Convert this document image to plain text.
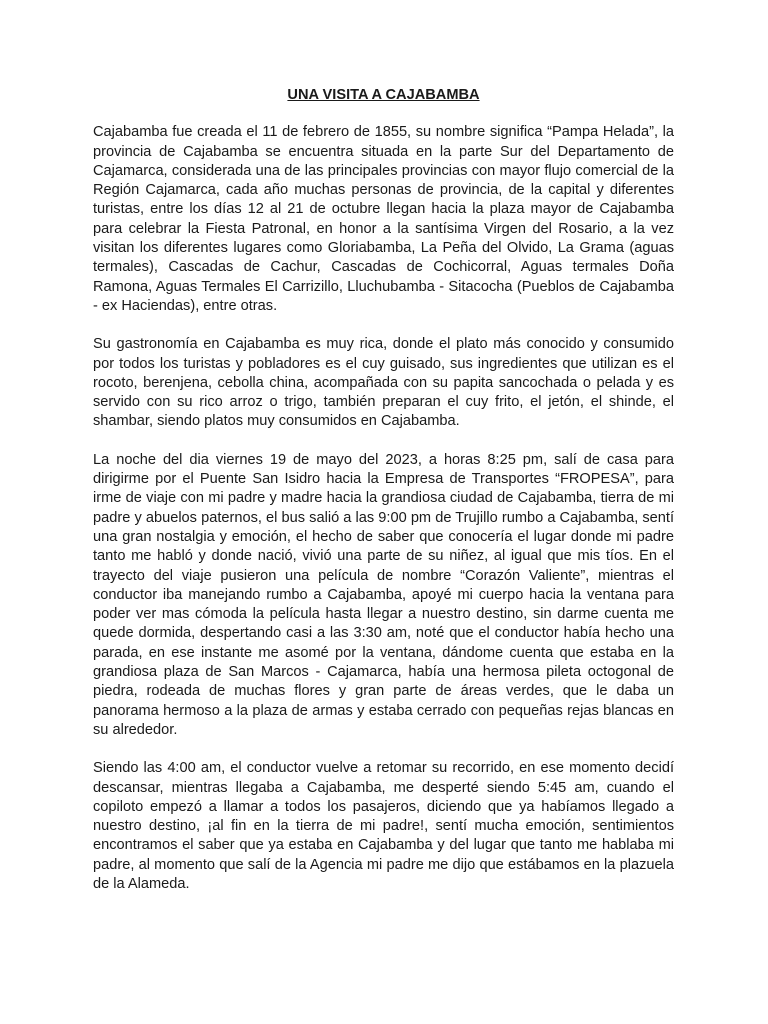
UNA VISITA A CAJABAMBA

Cajabamba fue creada el 11 de febrero de 1855, su nombre significa “Pampa Helada”, la provincia de Cajabamba se encuentra situada en la parte Sur del Departamento de Cajamarca, considerada una de las principales provincias con mayor flujo comercial de la Región Cajamarca, cada año muchas personas de provincia, de la capital y diferentes turistas, entre los días 12 al 21 de octubre llegan hacia la plaza mayor de Cajabamba para celebrar la Fiesta Patronal, en honor a la santísima Virgen del Rosario, a la vez visitan los diferentes lugares como Gloriabamba, La Peña del Olvido, La Grama (aguas termales), Cascadas de Cachur, Cascadas de Cochicorral, Aguas termales Doña Ramona, Aguas Termales El Carrizillo, Lluchubamba - Sitacocha (Pueblos de Cajabamba - ex Haciendas), entre otras.

Su gastronomía en Cajabamba es muy rica, donde el plato más conocido y consumido por todos los turistas y pobladores es el cuy guisado, sus ingredientes que utilizan es el rocoto, berenjena, cebolla china, acompañada con su papita sancochada o pelada y es servido con su rico arroz o trigo, también preparan el cuy frito, el jetón, el shinde, el shambar, siendo platos muy consumidos en Cajabamba.

La noche del dia viernes 19 de mayo del 2023, a horas 8:25 pm, salí de casa para dirigirme por el Puente San Isidro hacia la Empresa de Transportes “FROPESA”, para irme de viaje con mi padre y madre hacia la grandiosa ciudad de Cajabamba, tierra de mi padre y abuelos paternos, el bus salió a las 9:00 pm de Trujillo rumbo a Cajabamba, sentí una gran nostalgia y emoción, el hecho de saber que conocería el lugar donde mi padre tanto me habló y donde nació, vivió una parte de su niñez, al igual que mis tíos. En el trayecto del viaje pusieron una película de nombre “Corazón Valiente”, mientras el conductor iba manejando rumbo a Cajabamba, apoyé mi cuerpo hacia la ventana para poder ver mas cómoda la película hasta llegar a nuestro destino, sin darme cuenta me quede dormida, despertando casi a las 3:30 am, noté que el conductor había hecho una parada, en ese instante me asomé por la ventana, dándome cuenta que estaba en la grandiosa plaza de San Marcos - Cajamarca, había una hermosa pileta octogonal de piedra, rodeada de muchas flores y gran parte de áreas verdes, que le daba un panorama hermoso a la plaza de armas y estaba cerrado con pequeñas rejas blancas en su alrededor.

Siendo las 4:00 am, el conductor vuelve a retomar su recorrido, en ese momento decidí descansar, mientras llegaba a Cajabamba, me desperté siendo 5:45 am, cuando el copiloto empezó a llamar a todos los pasajeros, diciendo que ya habíamos llegado a nuestro destino, ¡al fin en la tierra de mi padre!, sentí mucha emoción, sentimientos encontramos el saber que ya estaba en Cajabamba y del lugar que tanto me hablaba mi padre, al momento que salí de la Agencia mi padre me dijo que estábamos en la plazuela de la Alameda.
